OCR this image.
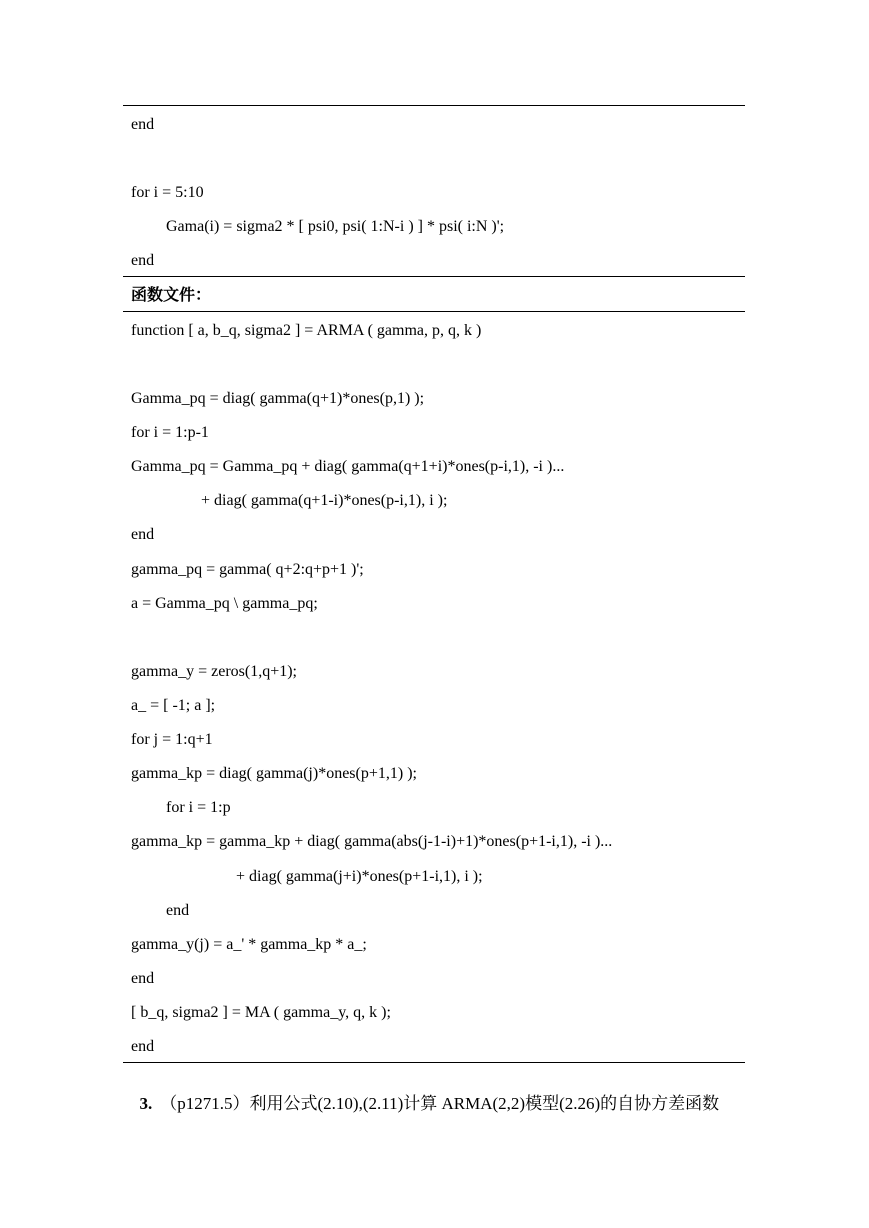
end
for i = 5:10
Gama(i) = sigma2 * [ psi0, psi( 1:N-i ) ] * psi( i:N )';
end
函数文件：
function [ a, b_q, sigma2 ] = ARMA ( gamma, p, q, k )
Gamma_pq = diag( gamma(q+1)*ones(p,1) );
for i = 1:p-1
Gamma_pq = Gamma_pq + diag( gamma(q+1+i)*ones(p-i,1), -i )...
+ diag( gamma(q+1-i)*ones(p-i,1), i );
end
gamma_pq = gamma( q+2:q+p+1 )';
a = Gamma_pq \ gamma_pq;
gamma_y = zeros(1,q+1);
a_ = [ -1; a ];
for j = 1:q+1
gamma_kp = diag( gamma(j)*ones(p+1,1) );
for i = 1:p
gamma_kp = gamma_kp + diag( gamma(abs(j-1-i)+1)*ones(p+1-i,1), -i )...
+ diag( gamma(j+i)*ones(p+1-i,1), i );
end
gamma_y(j) = a_' * gamma_kp * a_;
end
[ b_q, sigma2 ] = MA ( gamma_y, q, k );
end

3. （p1271.5）利用公式(2.10),(2.11)计算 ARMA(2,2)模型(2.26)的自协方差函数
